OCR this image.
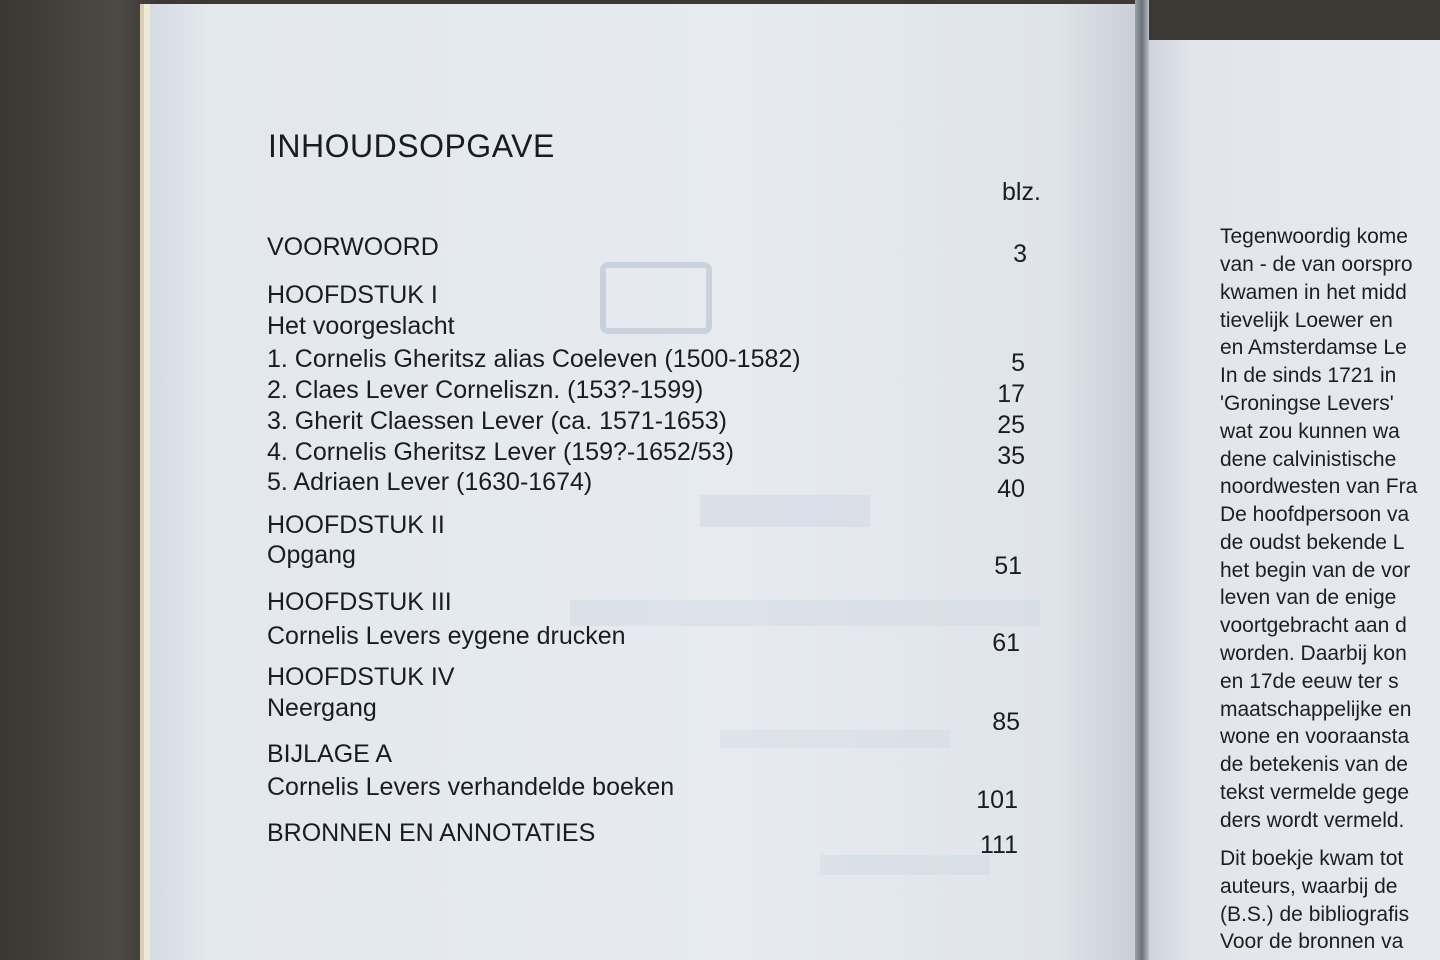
INHOUDSOPGAVE
blz.
VOORWOORD	3
HOOFDSTUK I
Het voorgeslacht
1. Cornelis Gheritsz alias Coeleven (1500-1582)	5
2. Claes Lever Corneliszn. (153?-1599)	17
3. Gherit Claessen Lever (ca. 1571-1653)	25
4. Cornelis Gheritsz Lever (159?-1652/53)	35
5. Adriaen Lever (1630-1674)	40
HOOFDSTUK II
Opgang	51
HOOFDSTUK III
Cornelis Levers eygene drucken	61
HOOFDSTUK IV
Neergang	85
BIJLAGE A
Cornelis Levers verhandelde boeken	101
BRONNEN EN ANNOTATIES	111
Tegenwoordig kome
van - de van oorspro
kwamen in het midd
tievelijk Loewer en
en Amsterdamse Le
In de sinds 1721 in
'Groningse Levers'
wat zou kunnen wa
dene calvinistische
noordwesten van Fra
De hoofdpersoon va
de oudst bekende L
het begin van de vor
leven van de enige
voortgebracht aan d
worden. Daarbij kon
en 17de eeuw ter s
maatschappelijke en
wone en vooraansta
de betekenis van de
tekst vermelde gege
ders wordt vermeld.
Dit boekje kwam tot
auteurs, waarbij de
(B.S.) de bibliografis
Voor de bronnen va
